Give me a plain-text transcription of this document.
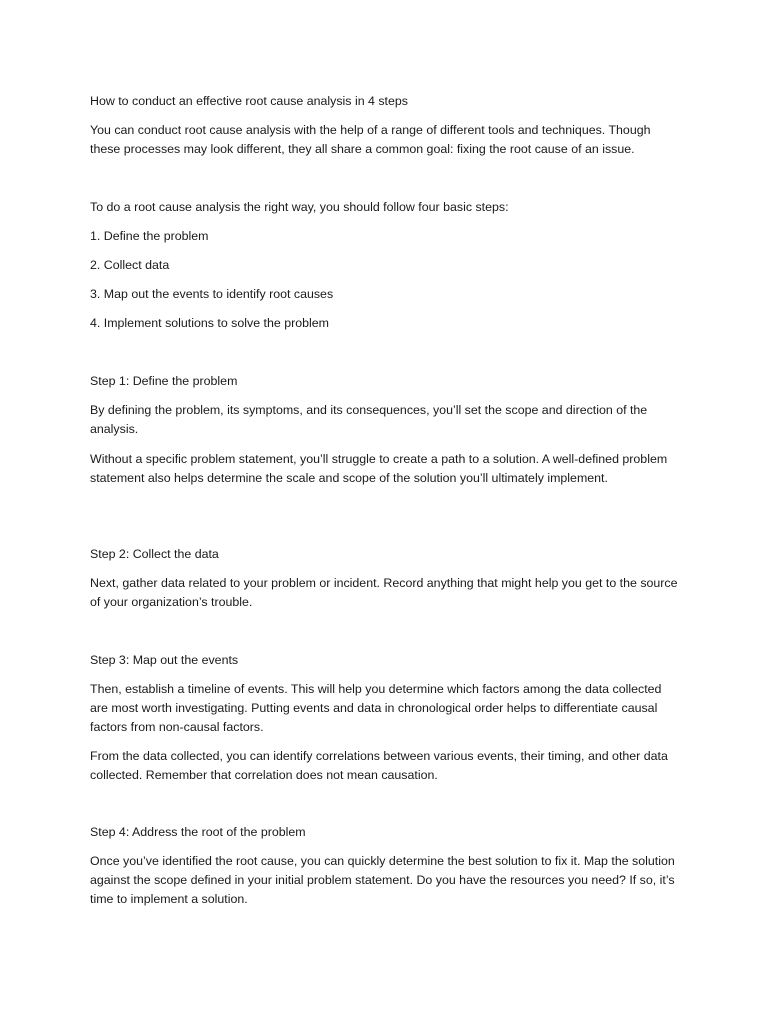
How to conduct an effective root cause analysis in 4 steps

You can conduct root cause analysis with the help of a range of different tools and techniques. Though these processes may look different, they all share a common goal: fixing the root cause of an issue.

To do a root cause analysis the right way, you should follow four basic steps:

1. Define the problem

2. Collect data

3. Map out the events to identify root causes

4. Implement solutions to solve the problem

Step 1: Define the problem

By defining the problem, its symptoms, and its consequences, you’ll set the scope and direction of the analysis.

Without a specific problem statement, you’ll struggle to create a path to a solution. A well-defined problem statement also helps determine the scale and scope of the solution you’ll ultimately implement.

Step 2: Collect the data

Next, gather data related to your problem or incident. Record anything that might help you get to the source of your organization’s trouble.

Step 3: Map out the events

Then, establish a timeline of events. This will help you determine which factors among the data collected are most worth investigating. Putting events and data in chronological order helps to differentiate causal factors from non-causal factors.

From the data collected, you can identify correlations between various events, their timing, and other data collected. Remember that correlation does not mean causation.

Step 4: Address the root of the problem

Once you’ve identified the root cause, you can quickly determine the best solution to fix it. Map the solution against the scope defined in your initial problem statement. Do you have the resources you need? If so, it’s time to implement a solution.
